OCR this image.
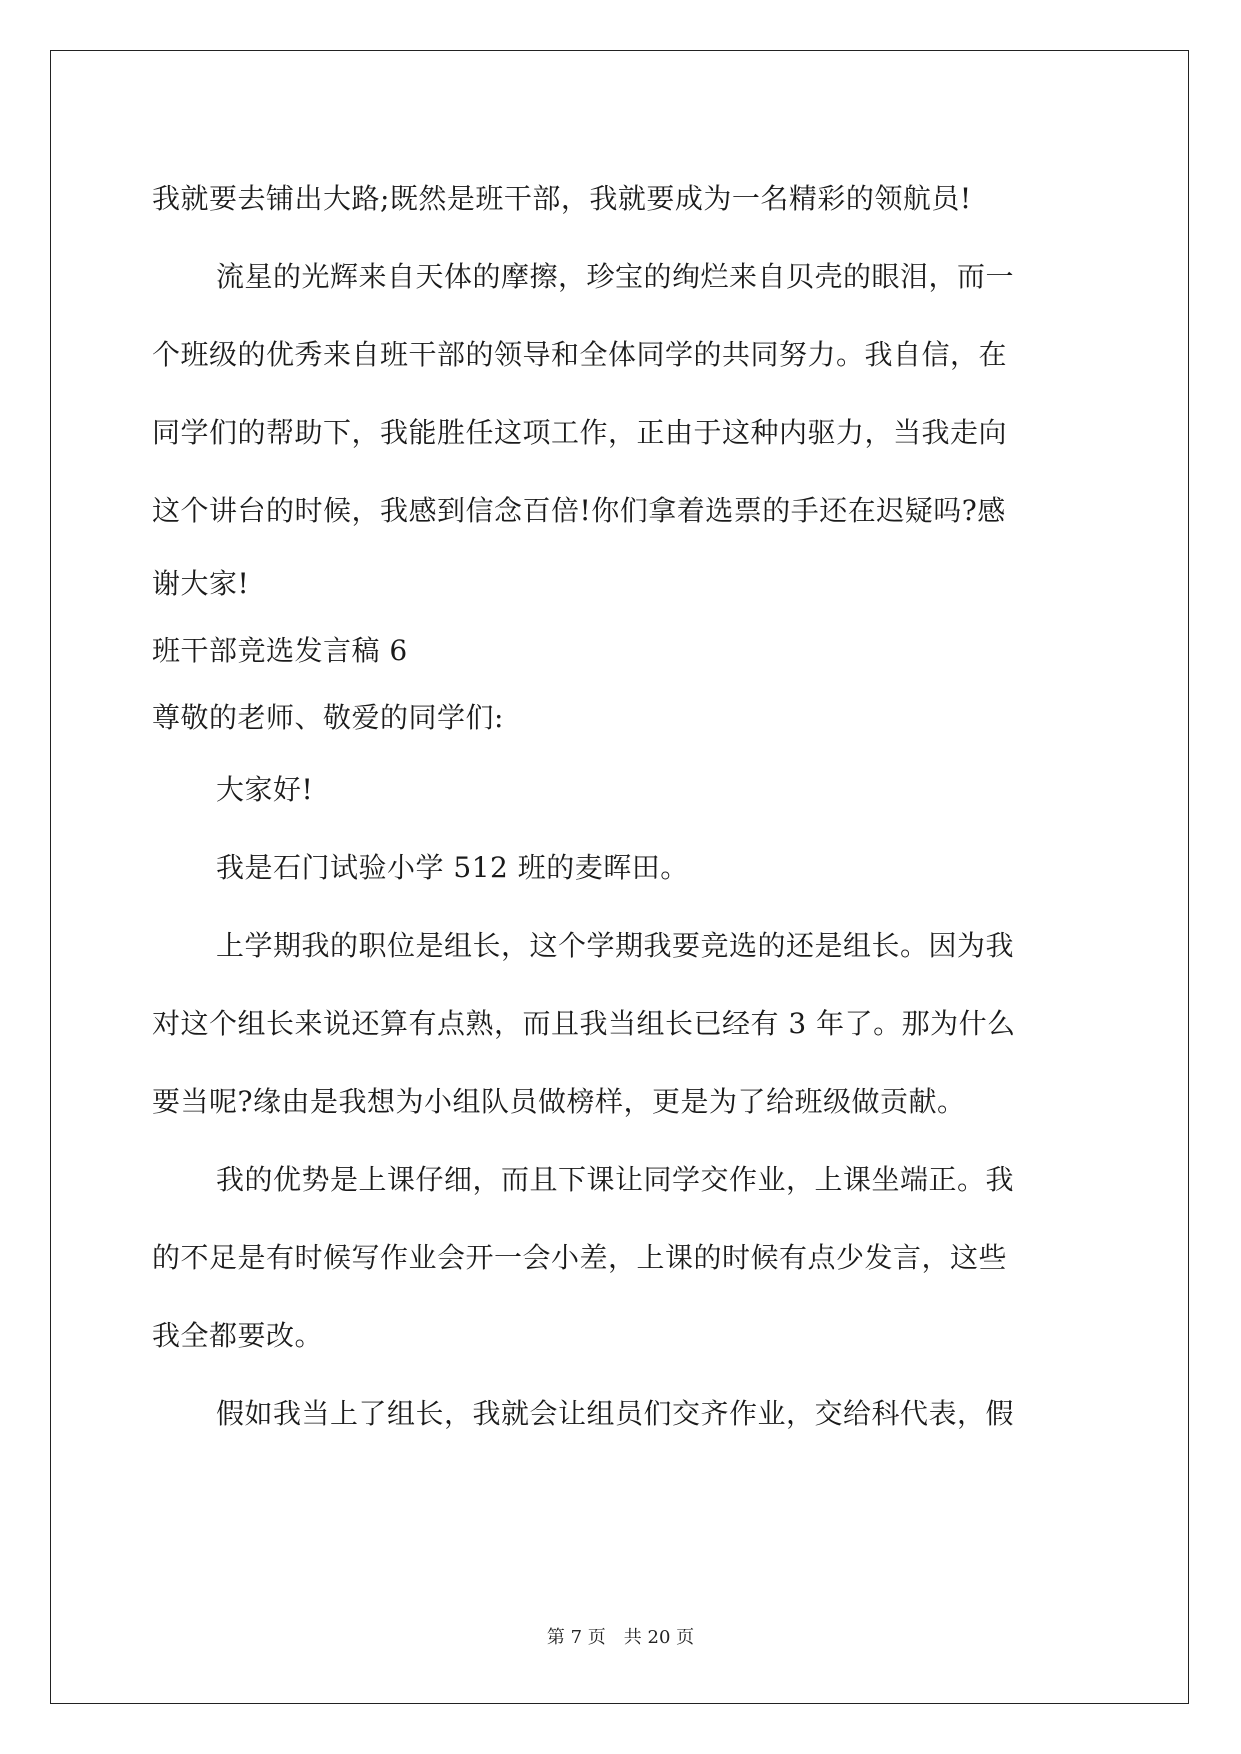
我就要去铺出大路;既然是班干部，我就要成为一名精彩的领航员!
流星的光辉来自天体的摩擦，珍宝的绚烂来自贝壳的眼泪，而一
个班级的优秀来自班干部的领导和全体同学的共同努力。我自信，在
同学们的帮助下，我能胜任这项工作，正由于这种内驱力，当我走向
这个讲台的时候，我感到信念百倍!你们拿着选票的手还在迟疑吗?感
谢大家!
班干部竞选发言稿 6
尊敬的老师、敬爱的同学们:
大家好!
我是石门试验小学 512 班的麦晖田。
上学期我的职位是组长，这个学期我要竞选的还是组长。因为我
对这个组长来说还算有点熟，而且我当组长已经有 3 年了。那为什么
要当呢?缘由是我想为小组队员做榜样，更是为了给班级做贡献。
我的优势是上课仔细，而且下课让同学交作业，上课坐端正。我
的不足是有时候写作业会开一会小差，上课的时候有点少发言，这些
我全都要改。
假如我当上了组长，我就会让组员们交齐作业，交给科代表，假
第 7 页　共 20 页
